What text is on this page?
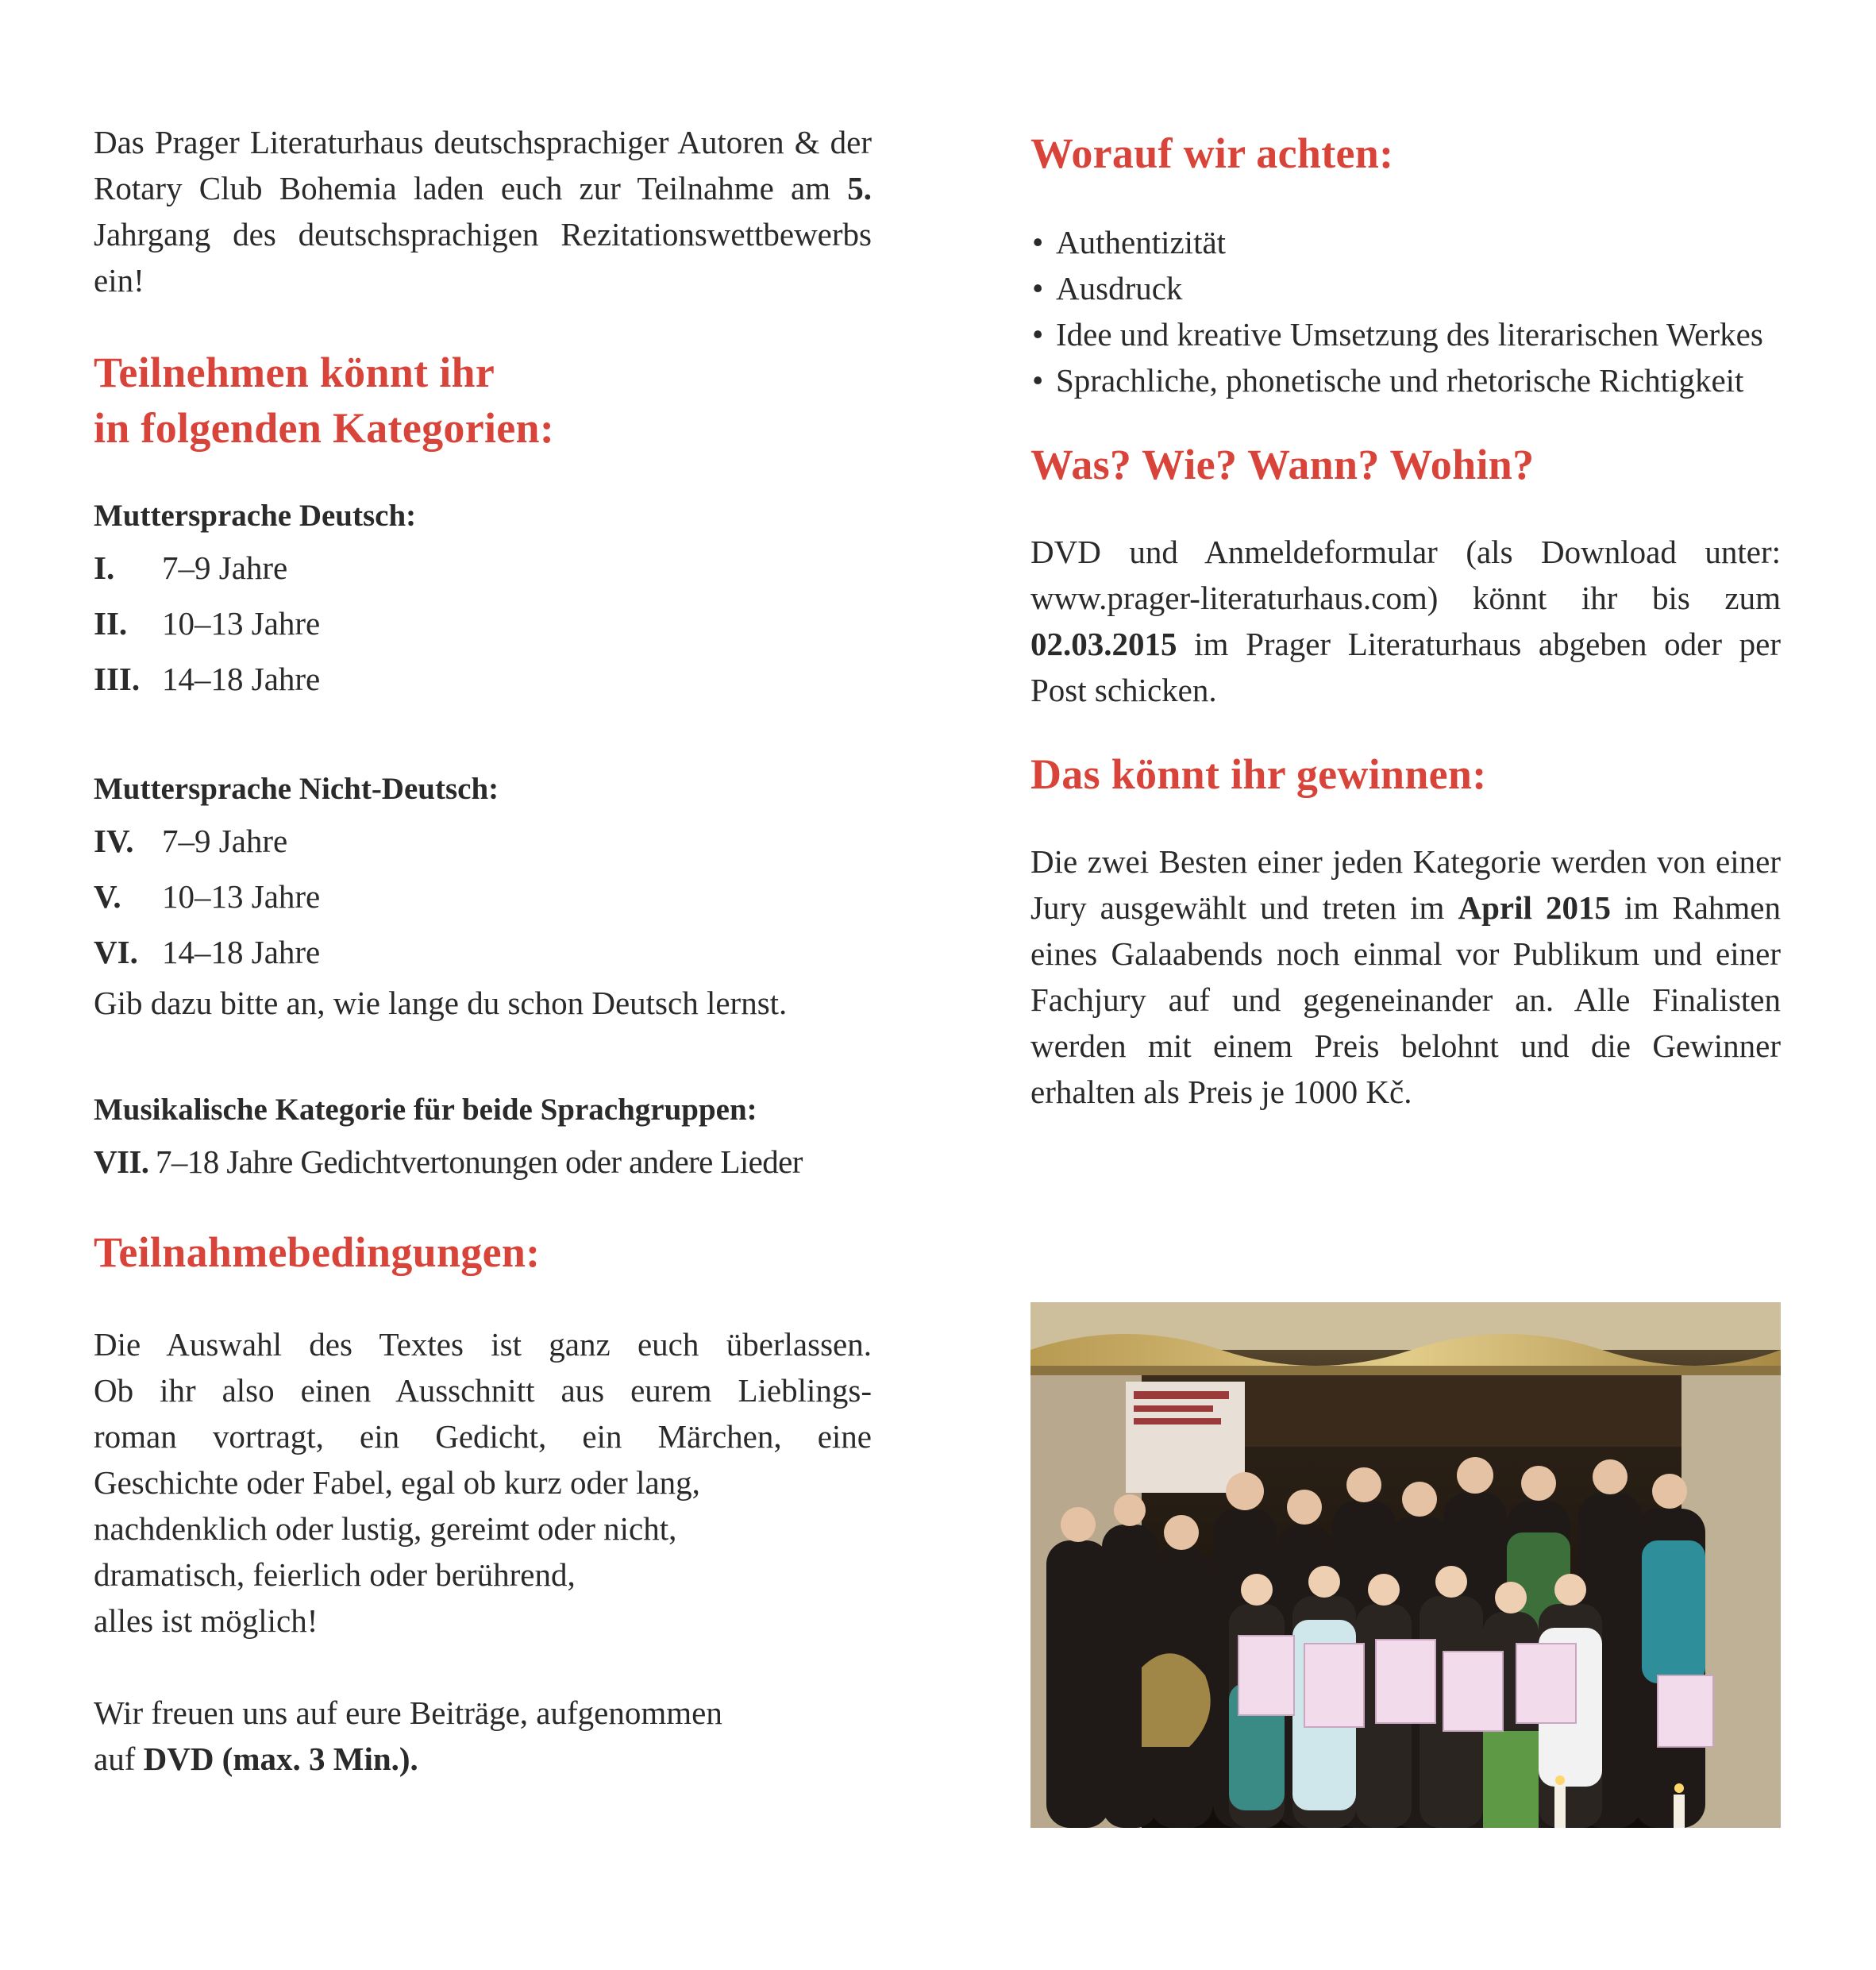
Das Prager Literaturhaus deutschsprachiger Autoren & der Rotary Club Bohemia laden euch zur Teilnahme am 5. Jahrgang des deutschsprachigen Rezitationswettbewerbs ein!

Teilnehmen könnt ihr
in folgenden Kategorien:

Muttersprache Deutsch:

I.	7–9 Jahre
II.	10–13 Jahre
III. 14–18 Jahre

Muttersprache Nicht-Deutsch:

IV. 7–9 Jahre
V.	10–13 Jahre
VI. 14–18 Jahre

Gib dazu bitte an, wie lange du schon Deutsch lernst.

Musikalische Kategorie für beide Sprachgruppen:

VII. 7–18 Jahre Gedichtvertonungen oder andere Lieder
Teilnahmebedingungen:

Die Auswahl des Textes ist ganz euch überlassen.

Ob ihr also einen Ausschnitt aus eurem Lieblings-

roman vortragt, ein Gedicht, ein Märchen, eine

Geschichte oder Fabel, egal ob kurz oder lang,

nachdenklich oder lustig, gereimt oder nicht,

dramatisch, feierlich oder berührend,

alles ist möglich!

Wir freuen uns auf eure Beiträge, aufgenommen

auf DVD (max. 3 Min.).

Worauf wir achten:
• Authentizität
• Ausdruck
• Idee und kreative Umsetzung des literarischen Werkes
• Sprachliche, phonetische und rhetorische Richtigkeit
Was? Wie? Wann? Wohin?

DVD und Anmeldeformular (als Download unter: www.prager-literaturhaus.com) könnt ihr bis zum 02.03.2015 im Prager Literaturhaus abgeben oder per Post schicken.

Das könnt ihr gewinnen:

Die zwei Besten einer jeden Kategorie werden von einer Jury ausgewählt und treten im April 2015 im Rahmen eines Galaabends noch einmal vor Publikum und einer Fachjury auf und gegeneinander an. Alle Finalisten werden mit einem Preis belohnt und die Gewinner erhalten als Preis je 1000 Kč.
